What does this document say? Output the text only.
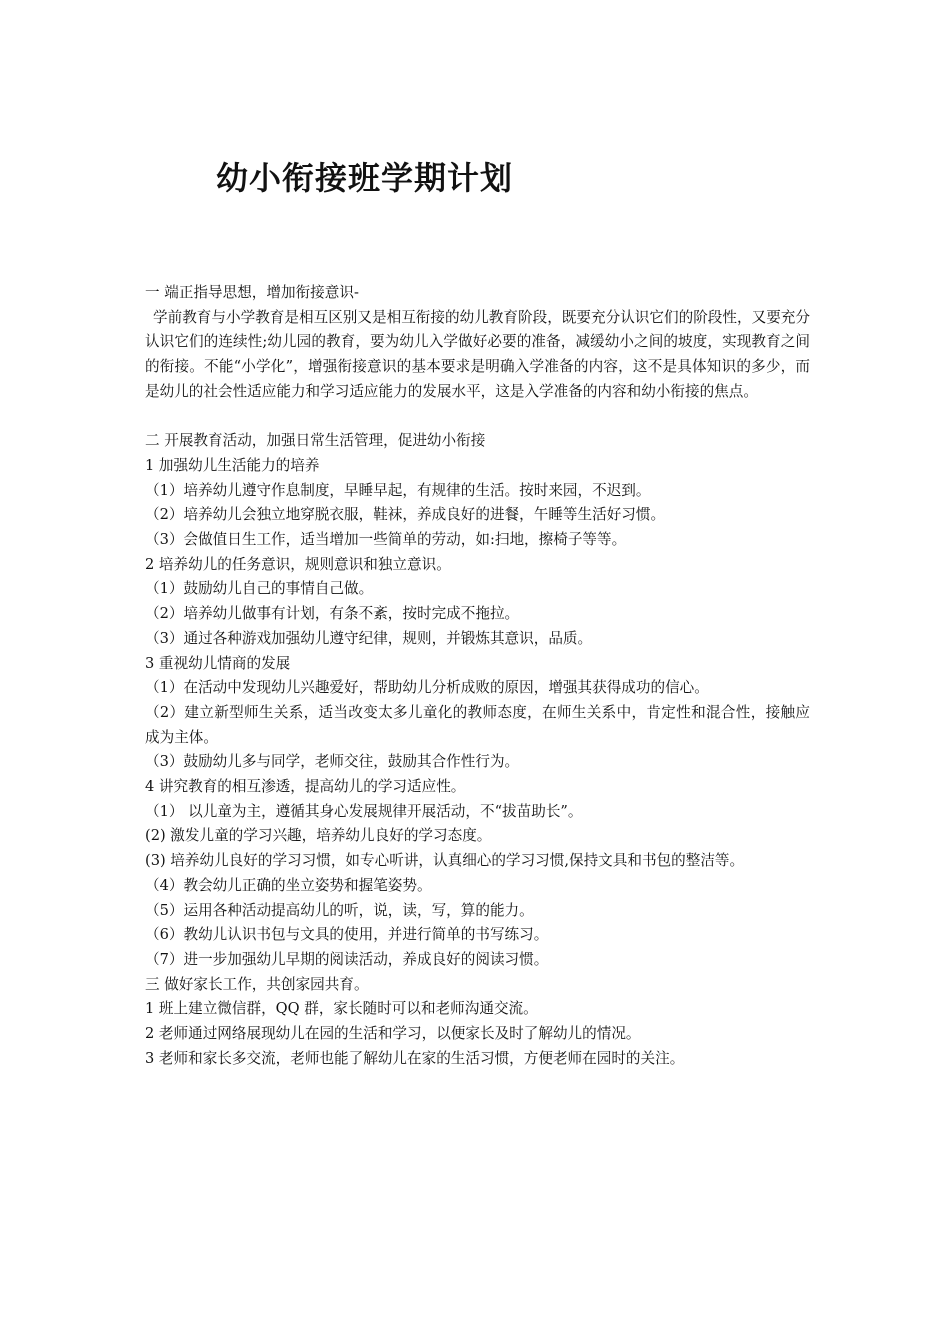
幼小衔接班学期计划
一 端正指导思想，增加衔接意识-
学前教育与小学教育是相互区别又是相互衔接的幼儿教育阶段，既要充分认识它们的阶段性，又要充分认识它们的连续性;幼儿园的教育，要为幼儿入学做好必要的准备，减缓幼小之间的坡度，实现教育之间的衔接。不能“小学化”，增强衔接意识的基本要求是明确入学准备的内容，这不是具体知识的多少，而是幼儿的社会性适应能力和学习适应能力的发展水平，这是入学准备的内容和幼小衔接的焦点。
二 开展教育活动，加强日常生活管理，促进幼小衔接
1 加强幼儿生活能力的培养
（1）培养幼儿遵守作息制度，早睡早起，有规律的生活。按时来园，不迟到。
（2）培养幼儿会独立地穿脱衣服，鞋袜，养成良好的进餐，午睡等生活好习惯。
（3）会做值日生工作，适当增加一些简单的劳动，如:扫地，擦椅子等等。
2 培养幼儿的任务意识，规则意识和独立意识。
（1）鼓励幼儿自己的事情自己做。
（2）培养幼儿做事有计划，有条不紊，按时完成不拖拉。
（3）通过各种游戏加强幼儿遵守纪律，规则，并锻炼其意识，品质。
3 重视幼儿情商的发展
（1）在活动中发现幼儿兴趣爱好，帮助幼儿分析成败的原因，增强其获得成功的信心。
（2）建立新型师生关系，适当改变太多儿童化的教师态度，在师生关系中，肯定性和混合性，接触应成为主体。
（3）鼓励幼儿多与同学，老师交往，鼓励其合作性行为。
4 讲究教育的相互渗透，提高幼儿的学习适应性。
（1） 以儿童为主，遵循其身心发展规律开展活动，不“拔苗助长”。
(2) 激发儿童的学习兴趣，培养幼儿良好的学习态度。
(3) 培养幼儿良好的学习习惯，如专心听讲，认真细心的学习习惯,保持文具和书包的整洁等。
（4）教会幼儿正确的坐立姿势和握笔姿势。
（5）运用各种活动提高幼儿的听，说，读，写，算的能力。
（6）教幼儿认识书包与文具的使用，并进行简单的书写练习。
（7）进一步加强幼儿早期的阅读活动，养成良好的阅读习惯。
三 做好家长工作，共创家园共育。
1 班上建立微信群，QQ 群，家长随时可以和老师沟通交流。
2 老师通过网络展现幼儿在园的生活和学习，以便家长及时了解幼儿的情况。
3 老师和家长多交流，老师也能了解幼儿在家的生活习惯，方便老师在园时的关注。
